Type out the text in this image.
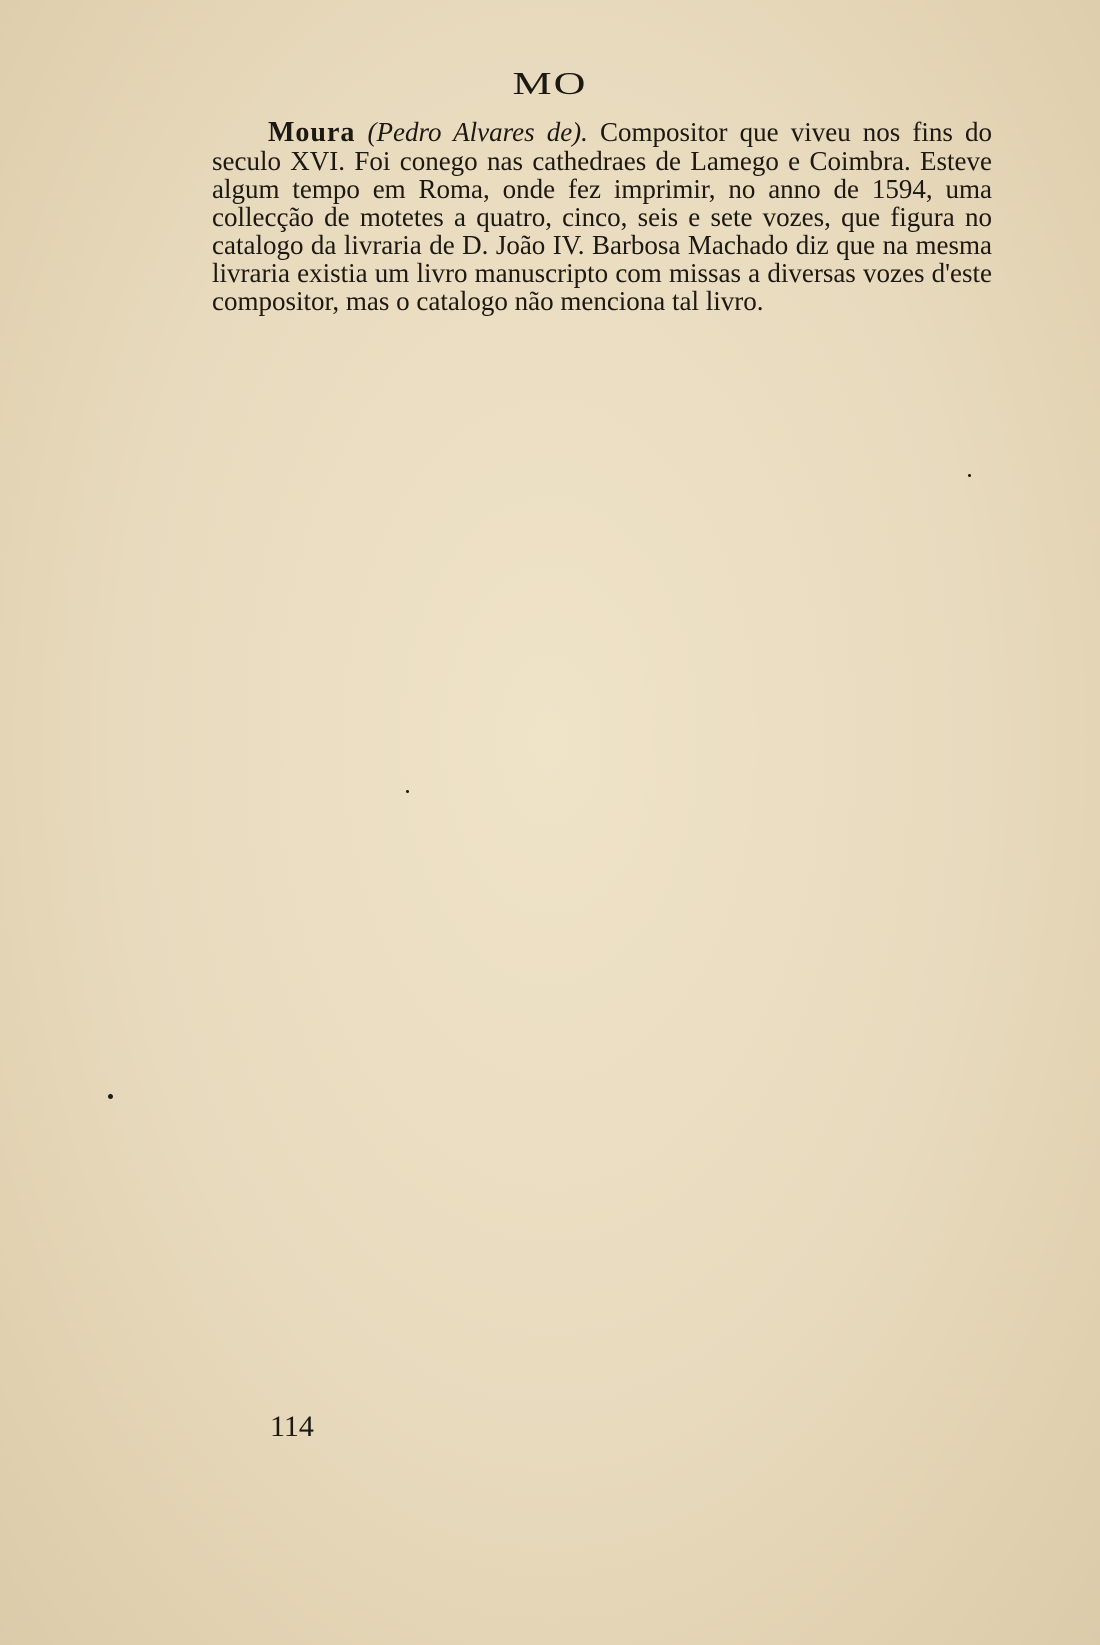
MO

Moura (Pedro Alvares de). Compositor que viveu nos fins do seculo XVI. Foi conego nas cathedraes de Lamego e Coimbra. Esteve algum tempo em Roma, onde fez imprimir, no anno de 1594, uma collecção de motetes a quatro, cinco, seis e sete vozes, que figura no catalogo da livraria de D. João IV. Barbosa Machado diz que na mesma livraria existia um livro manuscripto com missas a diversas vozes d'este compositor, mas o catalogo não menciona tal livro.

114
